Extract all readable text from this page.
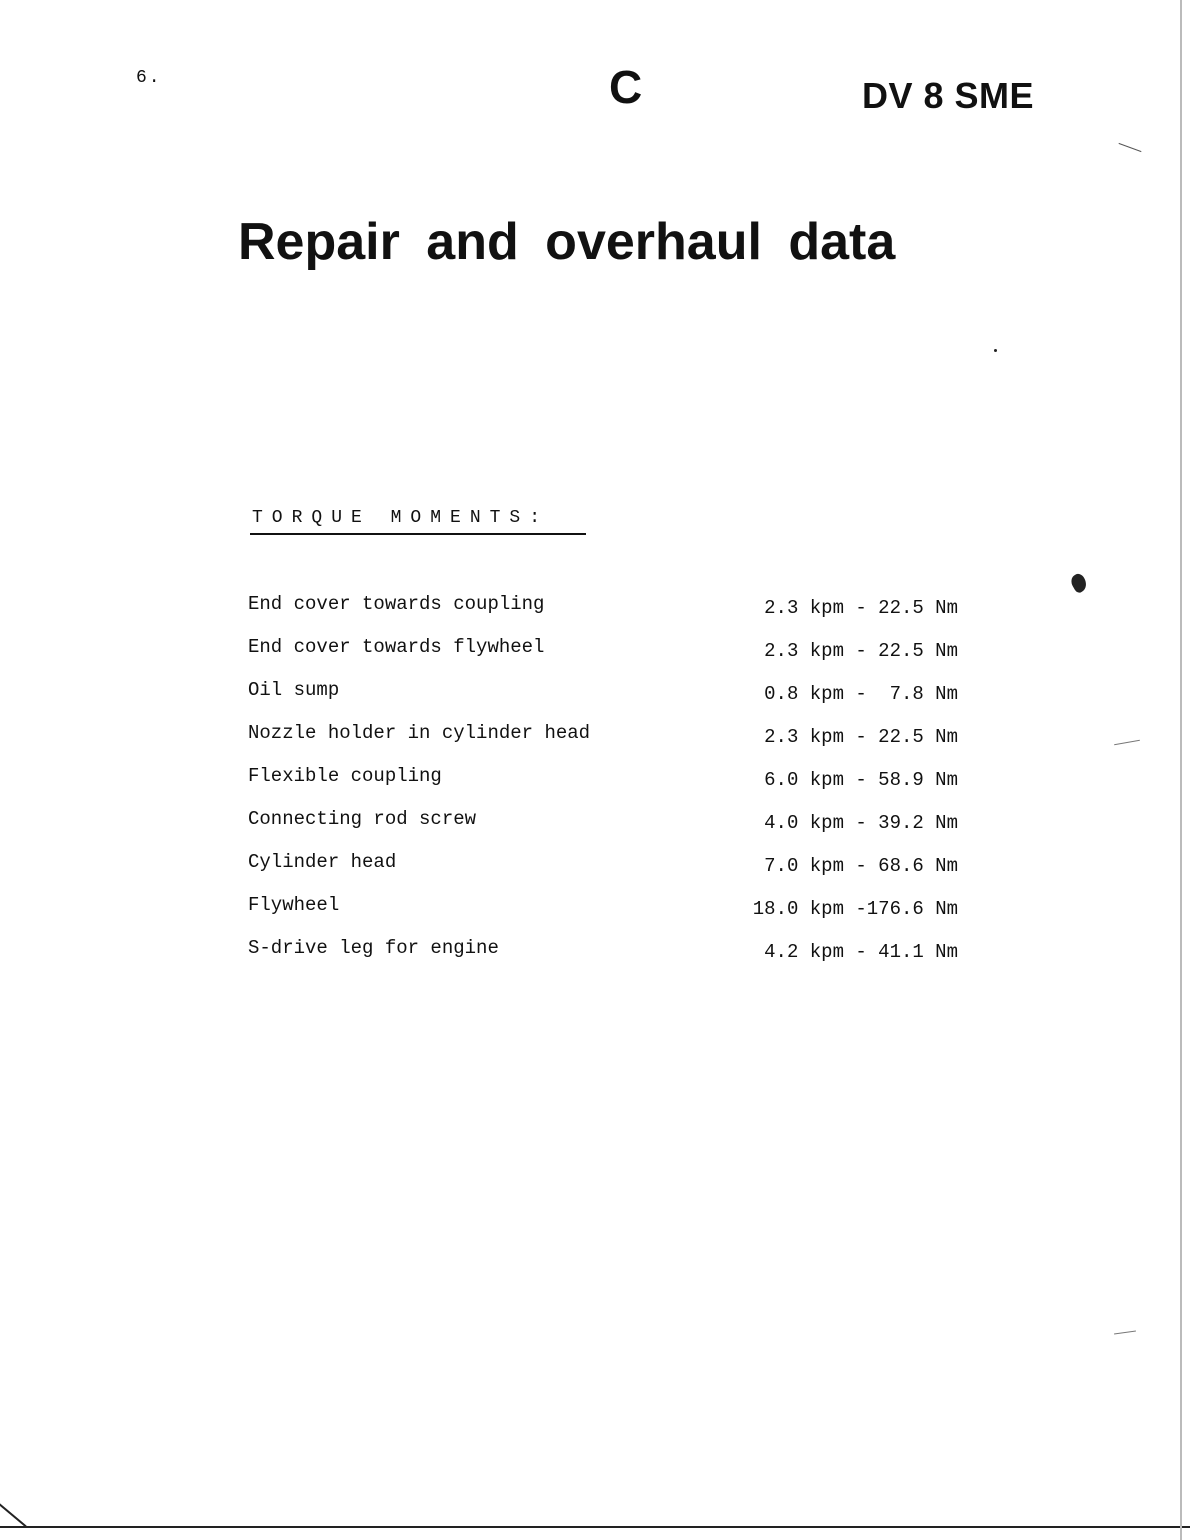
6.	C	DV 8 SME
Repair and overhaul data
TORQUE MOMENTS:
End cover towards coupling	2.3 kpm - 22.5 Nm
End cover towards flywheel	2.3 kpm - 22.5 Nm
Oil sump	0.8 kpm -  7.8 Nm
Nozzle holder in cylinder head	2.3 kpm - 22.5 Nm
Flexible coupling	6.0 kpm - 58.9 Nm
Connecting rod screw	4.0 kpm - 39.2 Nm
Cylinder head	7.0 kpm - 68.6 Nm
Flywheel	18.0 kpm -176.6 Nm
S-drive leg for engine	4.2 kpm - 41.1 Nm
